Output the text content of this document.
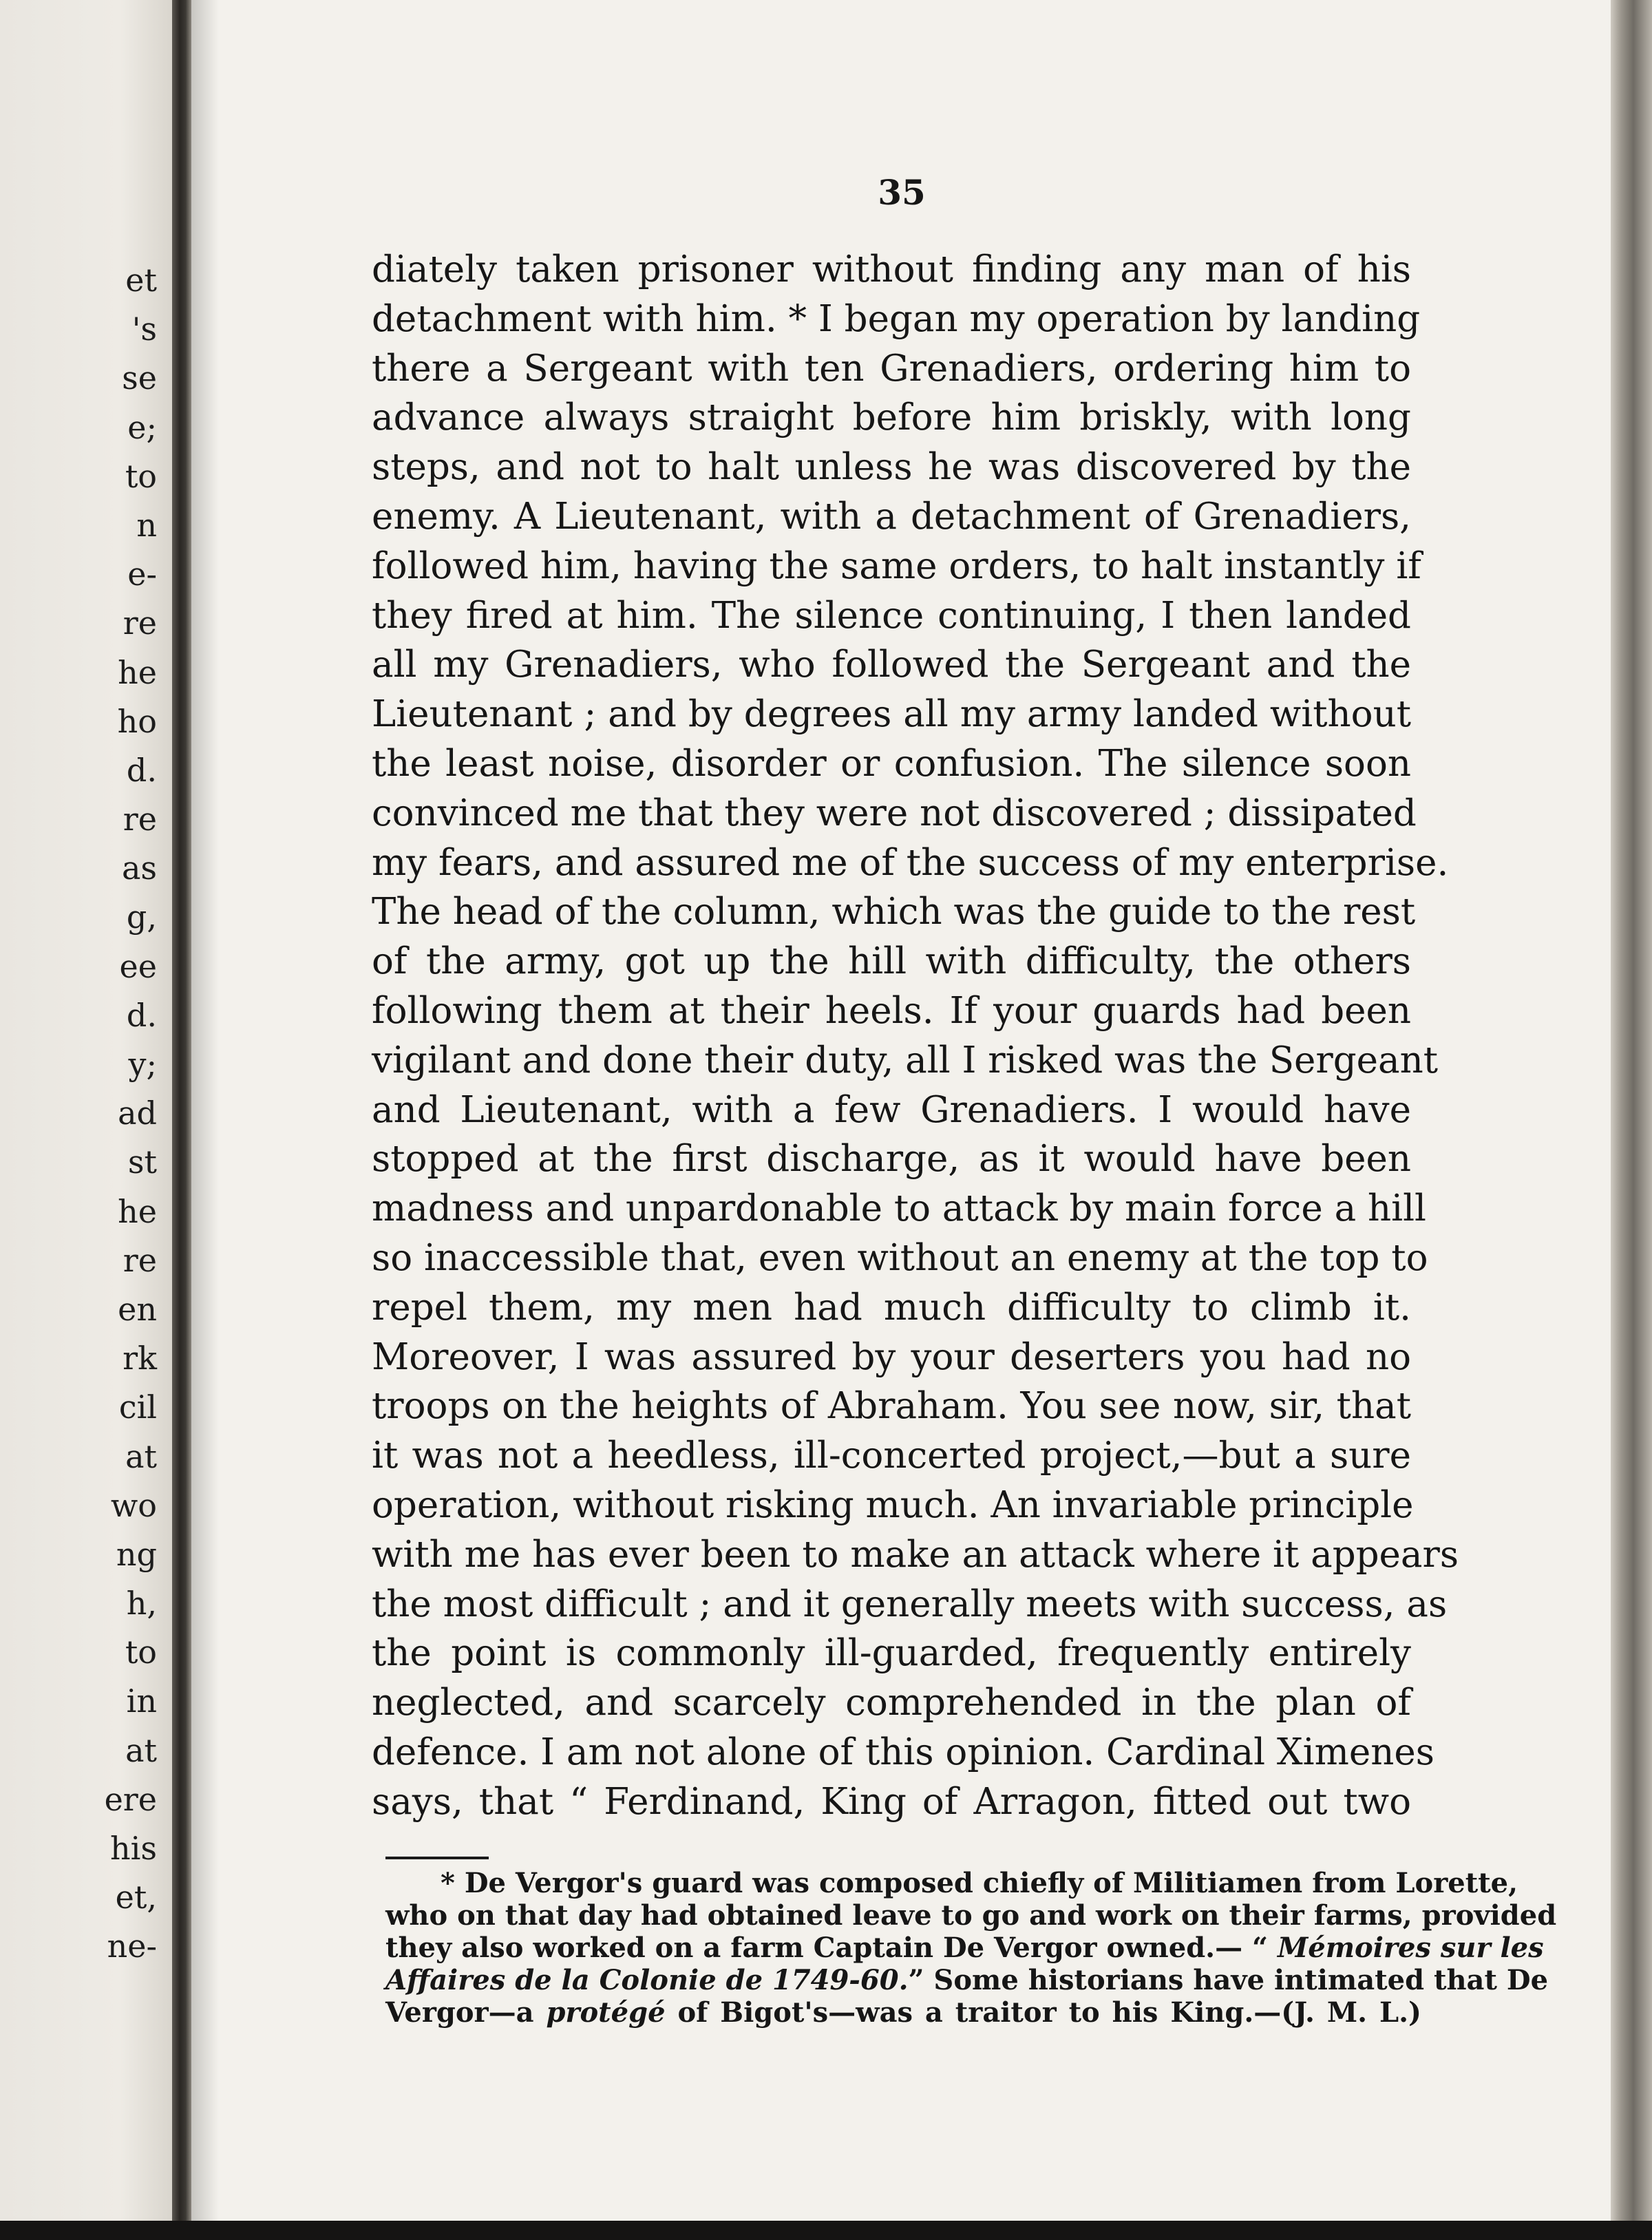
et
's
se
e;
to
n
e-
re
he
ho
d.
re
as
g,
ee
d.
y;
ad
st
he
re
en
rk
cil
at
wo
ng
h,
to
in
at
ere
his
et,
ne-
35
diately taken prisoner without finding any man of his
detachment with him. * I began my operation by landing
there a Sergeant with ten Grenadiers, ordering him to
advance always straight before him briskly, with long
steps, and not to halt unless he was discovered by the
enemy. A Lieutenant, with a detachment of Grenadiers,
followed him, having the same orders, to halt instantly if
they fired at him. The silence continuing, I then landed
all my Grenadiers, who followed the Sergeant and the
Lieutenant ; and by degrees all my army landed without
the least noise, disorder or confusion. The silence soon
convinced me that they were not discovered ; dissipated
my fears, and assured me of the success of my enterprise.
The head of the column, which was the guide to the rest
of the army, got up the hill with difficulty, the others
following them at their heels. If your guards had been
vigilant and done their duty, all I risked was the Sergeant
and Lieutenant, with a few Grenadiers. I would have
stopped at the first discharge, as it would have been
madness and unpardonable to attack by main force a hill
so inaccessible that, even without an enemy at the top to
repel them, my men had much difficulty to climb it.
Moreover, I was assured by your deserters you had no
troops on the heights of Abraham. You see now, sir, that
it was not a heedless, ill-concerted project,—but a sure
operation, without risking much. An invariable principle
with me has ever been to make an attack where it appears
the most difficult ; and it generally meets with success, as
the point is commonly ill-guarded, frequently entirely
neglected, and scarcely comprehended in the plan of
defence. I am not alone of this opinion. Cardinal Ximenes
says, that “ Ferdinand, King of Arragon, fitted out two
* De Vergor's guard was composed chiefly of Militiamen from Lorette,
who on that day had obtained leave to go and work on their farms, provided
they also worked on a farm Captain De Vergor owned.— “ Mémoires sur les
Affaires de la Colonie de 1749-60.” Some historians have intimated that De
Vergor—a protégé of Bigot's—was a traitor to his King.—(J. M. L.)
